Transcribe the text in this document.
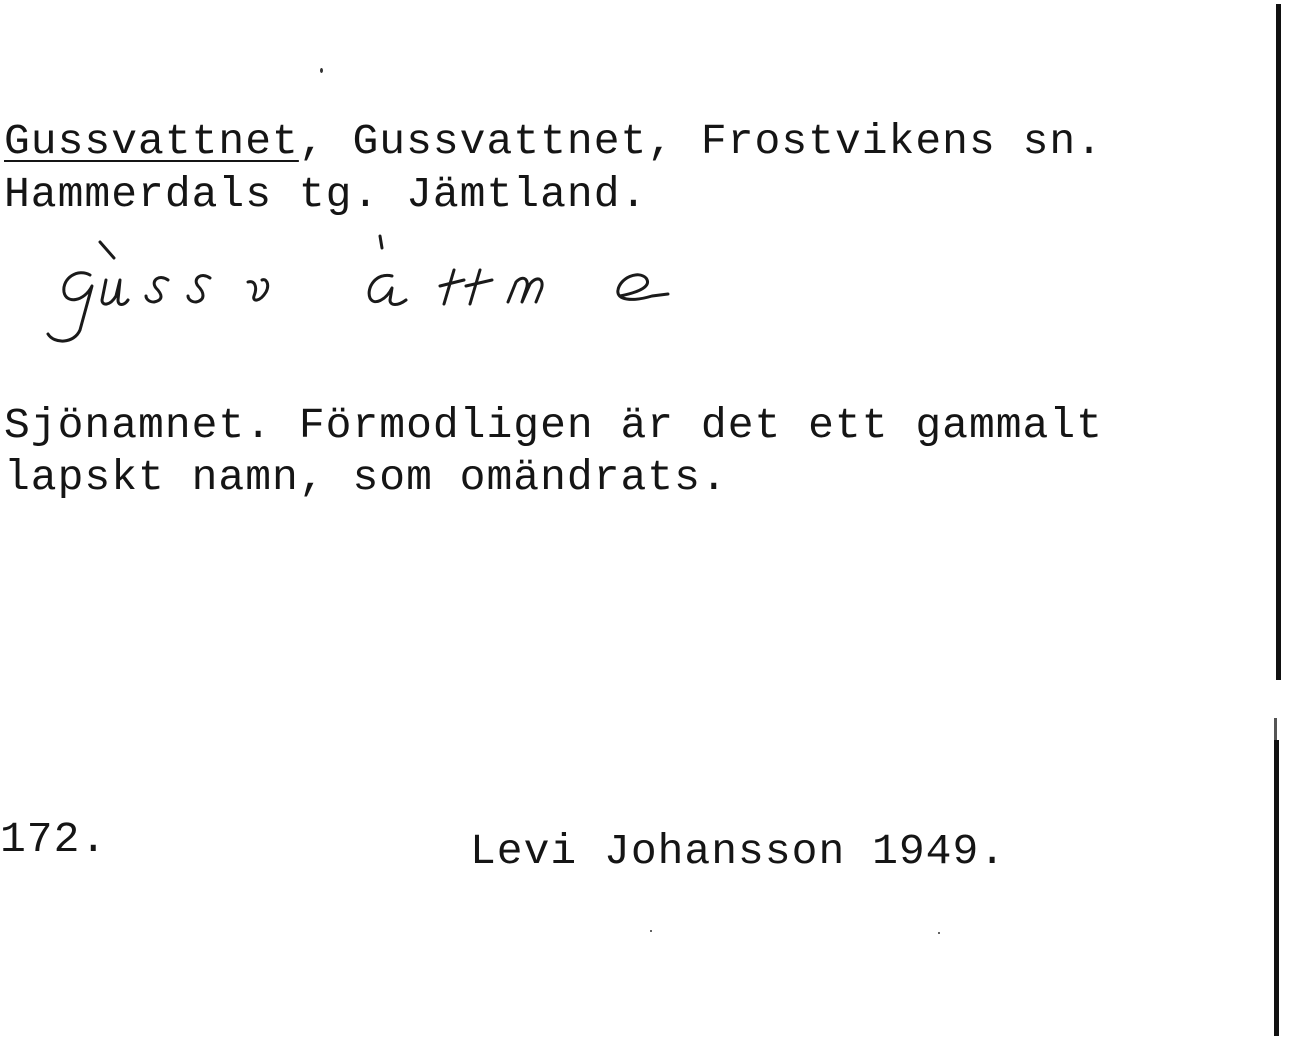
Gussvattnet, Gussvattnet, Frostvikens sn.
Hammerdals tg. Jämtland.
Sjönamnet. Förmodligen är det ett gammalt
lapskt namn, som omändrats.
172.	Levi Johansson 1949.
